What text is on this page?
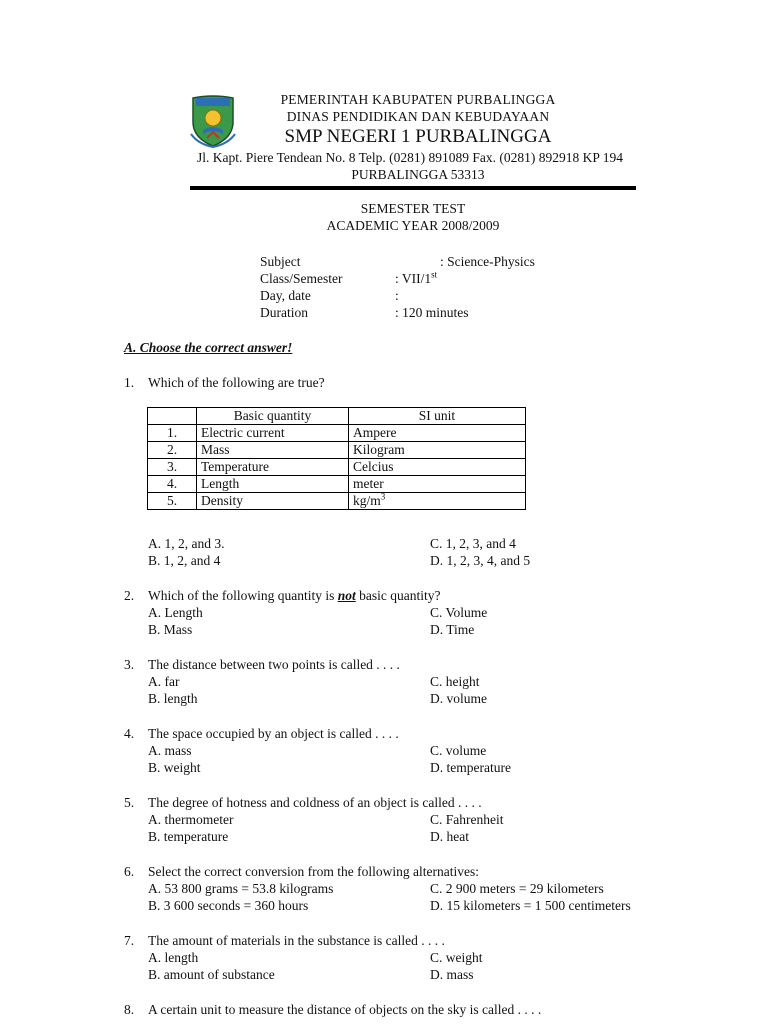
PEMERINTAH KABUPATEN PURBALINGGA
DINAS PENDIDIKAN DAN KEBUDAYAAN
SMP NEGERI 1 PURBALINGGA
Jl. Kapt. Piere Tendean No. 8 Telp. (0281) 891089 Fax. (0281) 892918 KP 194
PURBALINGGA 53313
SEMESTER TEST
ACADEMIC YEAR 2008/2009
Subject	: Science-Physics
Class/Semester	: VII/1st
Day, date	:
Duration	: 120 minutes
A. Choose the correct answer!
1. Which of the following are true?
	Basic quantity	SI unit
1.	Electric current	Ampere
2.	Mass	Kilogram
3.	Temperature	Celcius
4.	Length	meter
5.	Density	$kg/m^3$
A. 1, 2, and 3.
B. 1, 2, and 4
C. 1, 2, 3, and 4
D. 1, 2, 3, 4, and 5
2. Which of the following quantity is not basic quantity?
A. Length
B. Mass
C. Volume
D. Time
3. The distance between two points is called . . . .
A. far
B. length
C. height
D. volume
4. The space occupied by an object is called . . . .
A. mass
B. weight
C. volume
D. temperature
5. The degree of hotness and coldness of an object is called . . . .
A. thermometer
B. temperature
C. Fahrenheit
D. heat
6. Select the correct conversion from the following alternatives:
A. 53 800 grams = 53.8 kilograms
B. 3 600 seconds = 360 hours
C. 2 900 meters = 29 kilometers
D. 15 kilometers = 1 500 centimeters
7. The amount of materials in the substance is called . . . .
A. length
B. amount of substance
C. weight
D. mass
8. A certain unit to measure the distance of objects on the sky is called . . . .
